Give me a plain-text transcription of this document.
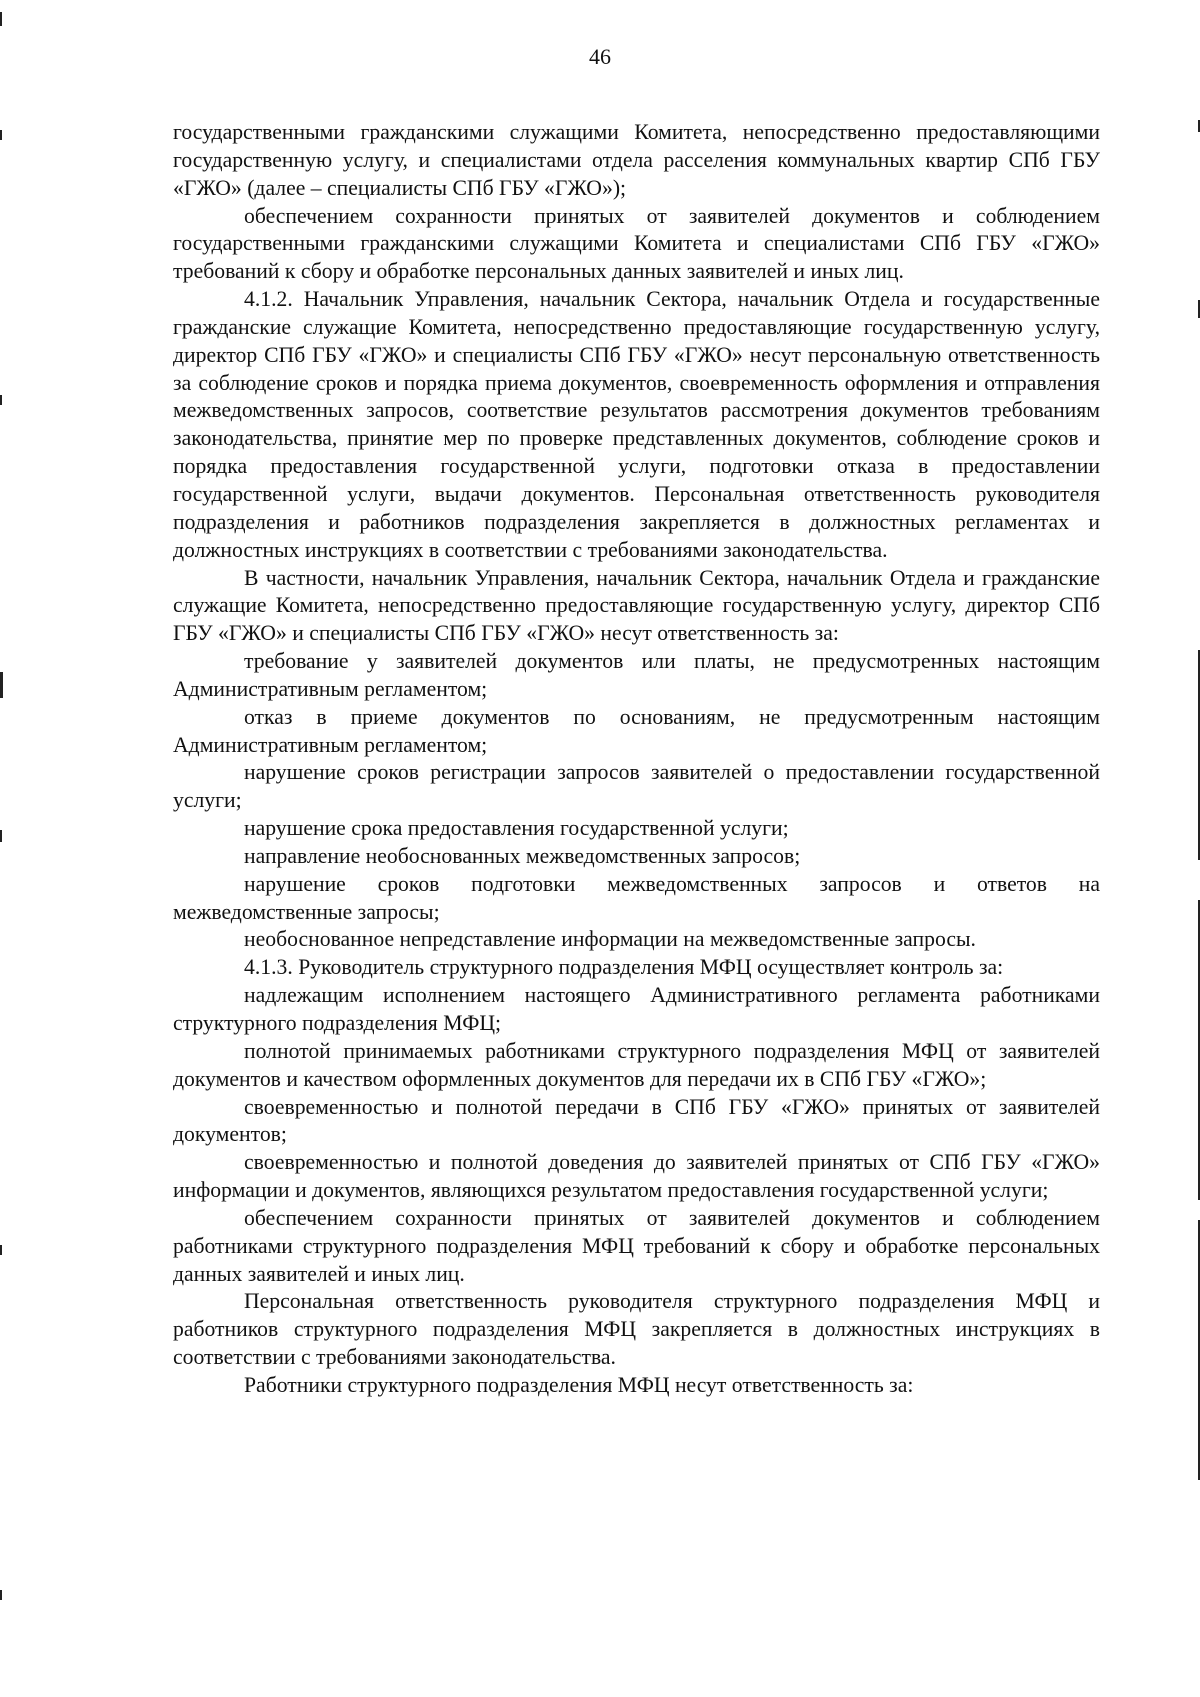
46

государственными гражданскими служащими Комитета, непосредственно предоставляющими государственную услугу, и специалистами отдела расселения коммунальных квартир СПб ГБУ «ГЖО» (далее – специалисты СПб ГБУ «ГЖО»);

обеспечением сохранности принятых от заявителей документов и соблюдением государственными гражданскими служащими Комитета и специалистами СПб ГБУ «ГЖО» требований к сбору и обработке персональных данных заявителей и иных лиц.

4.1.2. Начальник Управления, начальник Сектора, начальник Отдела и государственные гражданские служащие Комитета, непосредственно предоставляющие государственную услугу, директор СПб ГБУ «ГЖО» и специалисты СПб ГБУ «ГЖО» несут персональную ответственность за соблюдение сроков и порядка приема документов, своевременность оформления и отправления межведомственных запросов, соответствие результатов рассмотрения документов требованиям законодательства, принятие мер по проверке представленных документов, соблюдение сроков и порядка предоставления государственной услуги, подготовки отказа в предоставлении государственной услуги, выдачи документов. Персональная ответственность руководителя подразделения и работников подразделения закрепляется в должностных регламентах и должностных инструкциях в соответствии с требованиями законодательства.

В частности, начальник Управления, начальник Сектора, начальник Отдела и гражданские служащие Комитета, непосредственно предоставляющие государственную услугу, директор СПб ГБУ «ГЖО» и специалисты СПб ГБУ «ГЖО» несут ответственность за:

требование у заявителей документов или платы, не предусмотренных настоящим Административным регламентом;

отказ в приеме документов по основаниям, не предусмотренным настоящим Административным регламентом;

нарушение сроков регистрации запросов заявителей о предоставлении государственной услуги;

нарушение срока предоставления государственной услуги;

направление необоснованных межведомственных запросов;

нарушение сроков подготовки межведомственных запросов и ответов на межведомственные запросы;

необоснованное непредставление информации на межведомственные запросы.

4.1.3. Руководитель структурного подразделения МФЦ осуществляет контроль за:

надлежащим исполнением настоящего Административного регламента работниками структурного подразделения МФЦ;

полнотой принимаемых работниками структурного подразделения МФЦ от заявителей документов и качеством оформленных документов для передачи их в СПб ГБУ «ГЖО»;

своевременностью и полнотой передачи в СПб ГБУ «ГЖО» принятых от заявителей документов;

своевременностью и полнотой доведения до заявителей принятых от СПб ГБУ «ГЖО» информации и документов, являющихся результатом предоставления государственной услуги;

обеспечением сохранности принятых от заявителей документов и соблюдением работниками структурного подразделения МФЦ требований к сбору и обработке персональных данных заявителей и иных лиц.

Персональная ответственность руководителя структурного подразделения МФЦ и работников структурного подразделения МФЦ закрепляется в должностных инструкциях в соответствии с требованиями законодательства.

Работники структурного подразделения МФЦ несут ответственность за:
